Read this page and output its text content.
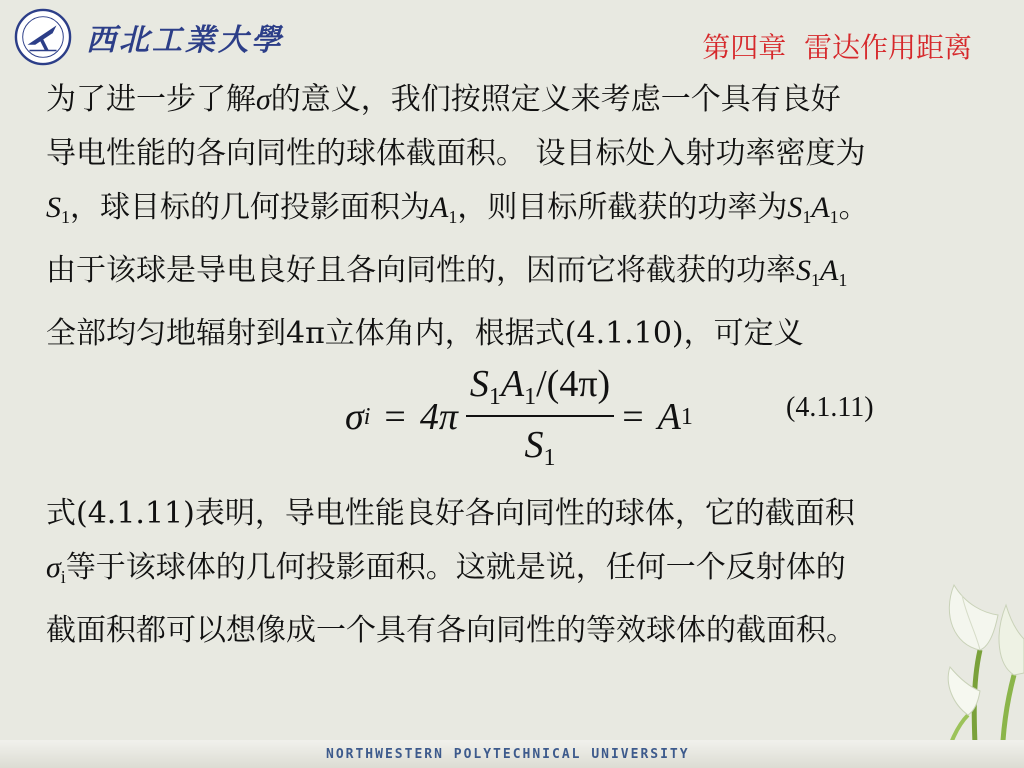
西北工業大學	第四章  雷达作用距离

为了进一步了解σ的意义，我们按照定义来考虑一个具有良好

导电性能的各向同性的球体截面积。 设目标处入射功率密度为

$S_1$，球目标的几何投影面积为$A_1$，则目标所截获的功率为$S_1A_1$。

由于该球是导电良好且各向同性的，因而它将截获的功率$S_1A_1$

全部均匀地辐射到4π立体角内，根据式(4.1.10)，可定义

σ $i = 4\pi \frac{S_1A_1/(4\pi)}{S_1} = A$ 1	(4.1.11)

式(4.1.11)表明，导电性能良好各向同性的球体，它的截面积

$\sigma_i$等于该球体的几何投影面积。这就是说，任何一个反射体的

截面积都可以想像成一个具有各向同性的等效球体的截面积。

NORTHWESTERN POLYTECHNICAL UNIVERSITY
